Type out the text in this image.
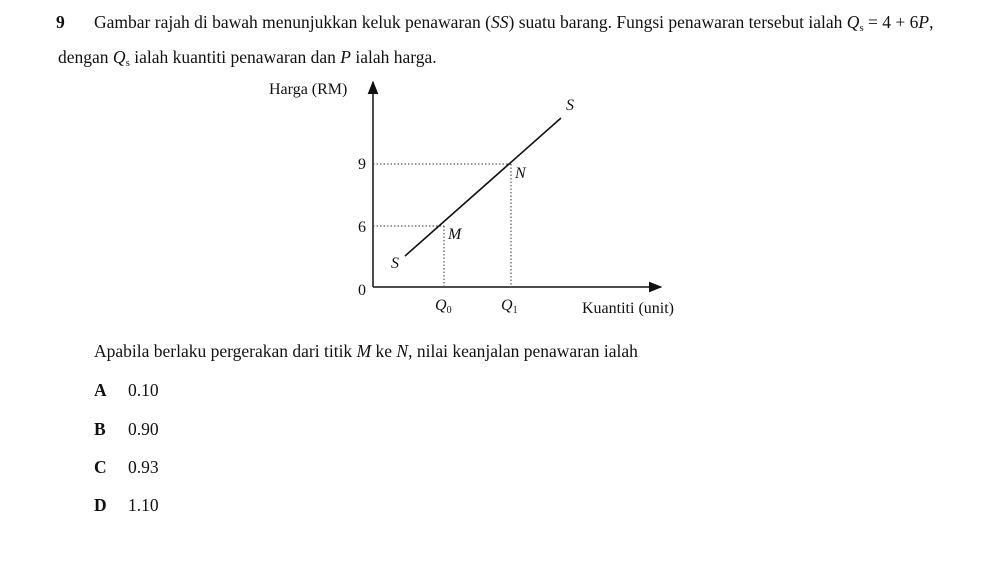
9	Gambar rajah di bawah menunjukkan keluk penawaran (SS) suatu barang. Fungsi penawaran tersebut ialah $Q_s = 4 + 6P$, dengan $Q_s$ ialah kuantiti penawaran dan P ialah harga.

Harga (RM)
Kuantiti (unit)
0
6
9
S
S
M
N
Q0	Q1
Apabila berlaku pergerakan dari titik M ke N, nilai keanjalan penawaran ialah
A 0.10
B 0.90
C 0.93
D 1.10
